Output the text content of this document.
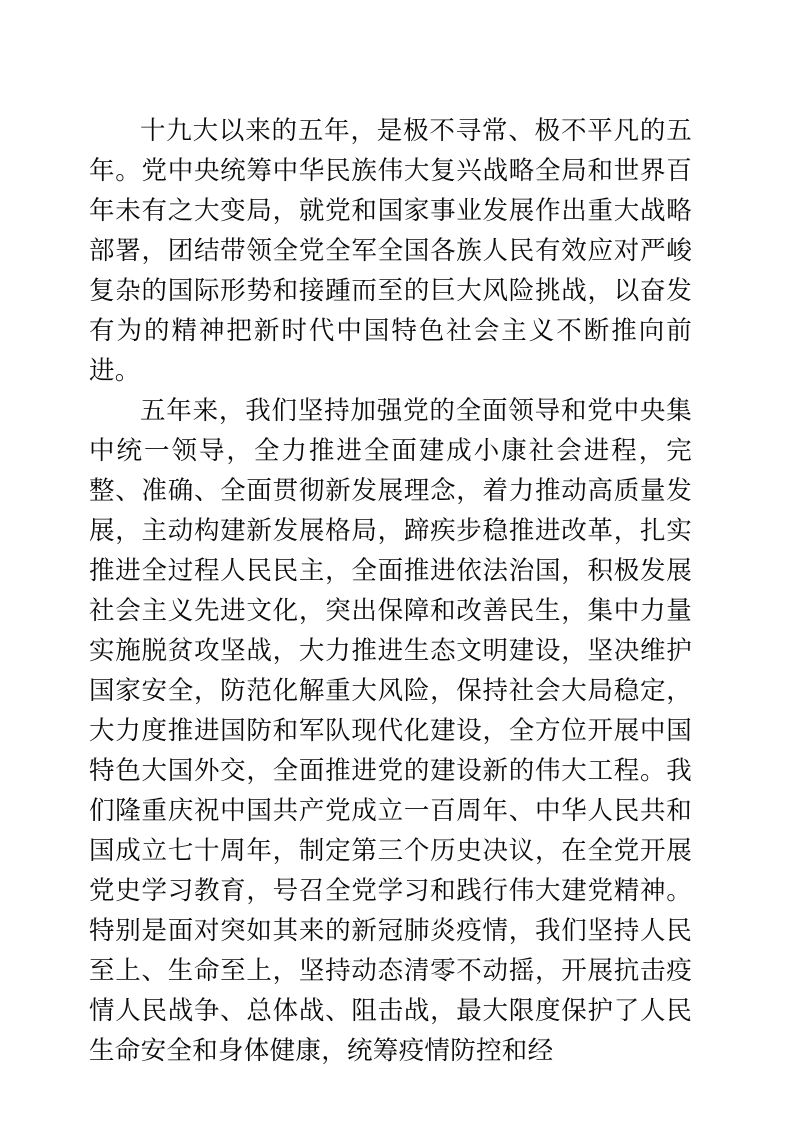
十九大以来的五年，是极不寻常、极不平凡的五年。党中央统筹中华民族伟大复兴战略全局和世界百年未有之大变局，就党和国家事业发展作出重大战略部署，团结带领全党全军全国各族人民有效应对严峻复杂的国际形势和接踵而至的巨大风险挑战，以奋发有为的精神把新时代中国特色社会主义不断推向前进。

五年来，我们坚持加强党的全面领导和党中央集中统一领导，全力推进全面建成小康社会进程，完整、准确、全面贯彻新发展理念，着力推动高质量发展，主动构建新发展格局，蹄疾步稳推进改革，扎实推进全过程人民民主，全面推进依法治国，积极发展社会主义先进文化，突出保障和改善民生，集中力量实施脱贫攻坚战，大力推进生态文明建设，坚决维护国家安全，防范化解重大风险，保持社会大局稳定，大力度推进国防和军队现代化建设，全方位开展中国特色大国外交，全面推进党的建设新的伟大工程。我们隆重庆祝中国共产党成立一百周年、中华人民共和国成立七十周年，制定第三个历史决议，在全党开展党史学习教育，号召全党学习和践行伟大建党精神。特别是面对突如其来的新冠肺炎疫情，我们坚持人民至上、生命至上，坚持动态清零不动摇，开展抗击疫情人民战争、总体战、阻击战，最大限度保护了人民生命安全和身体健康，统筹疫情防控和经
